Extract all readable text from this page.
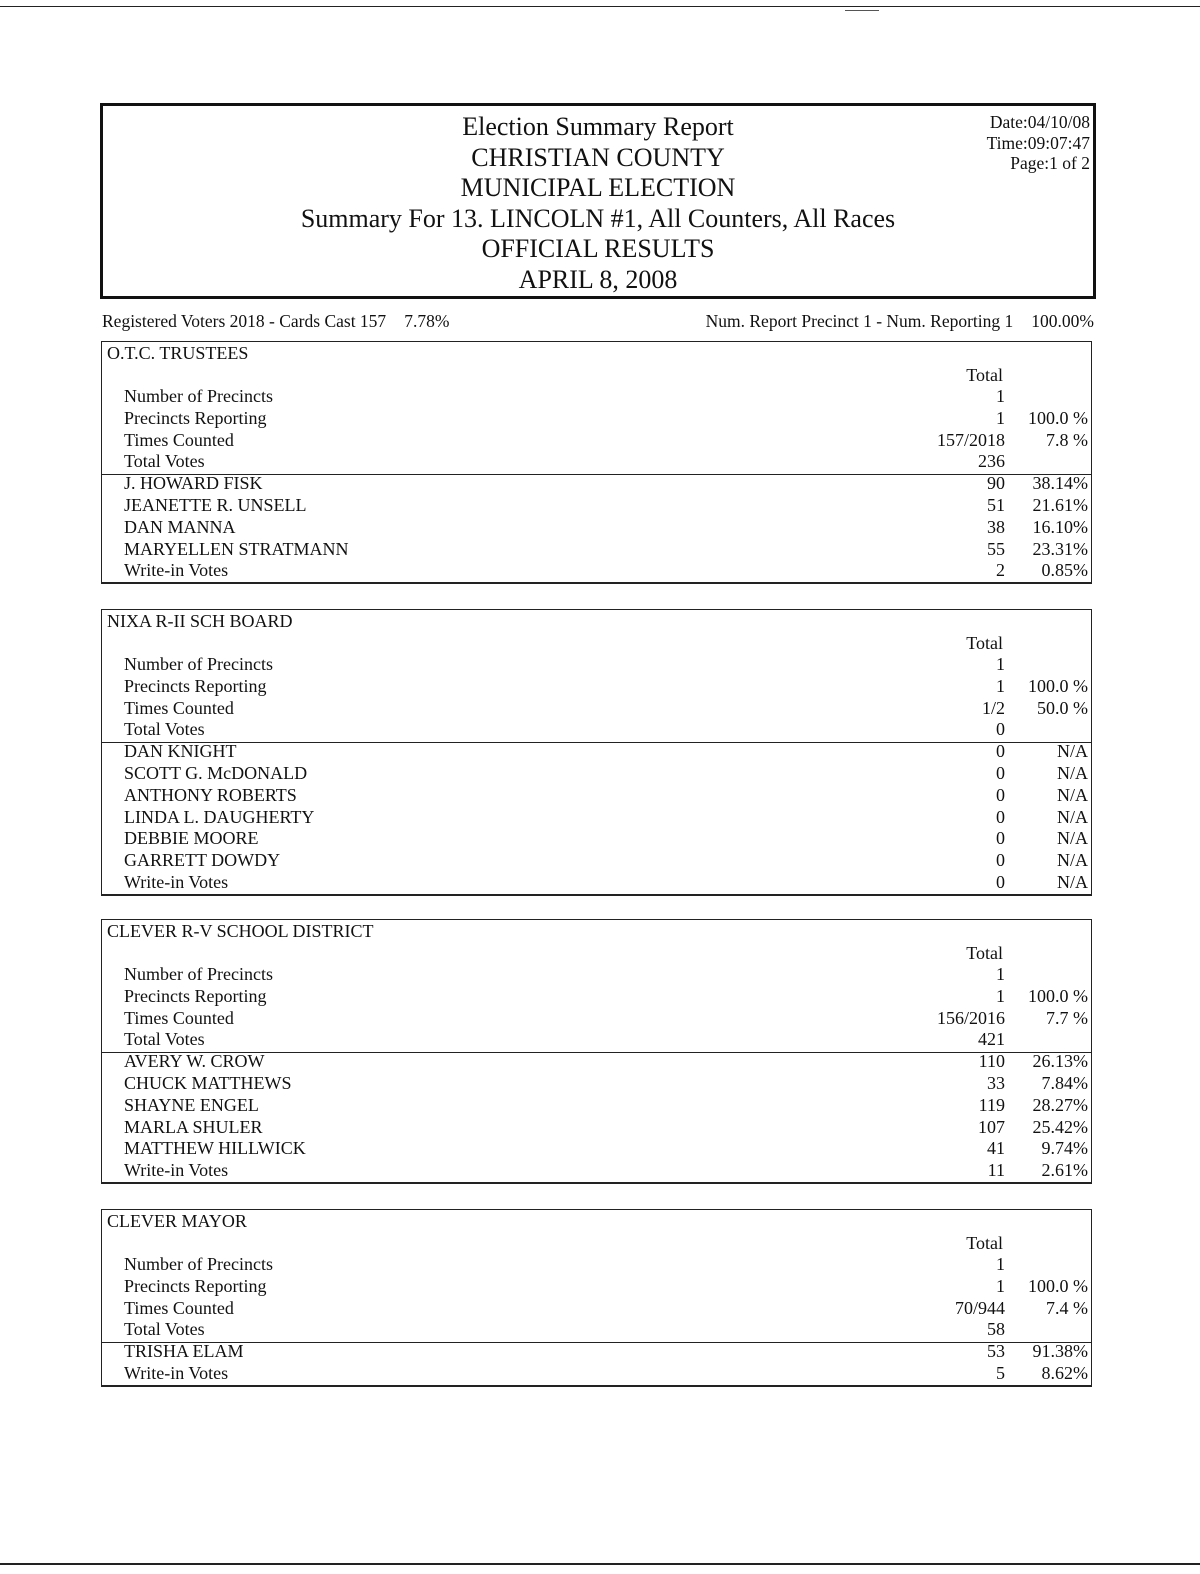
Election Summary Report
CHRISTIAN COUNTY
MUNICIPAL ELECTION
Summary For 13. LINCOLN #1, All Counters, All Races
OFFICIAL RESULTS
APRIL 8, 2008
Date:04/10/08
Time:09:07:47
Page:1 of 2
Registered Voters 2018 - Cards Cast 157 7.78%	Num. Report Precinct 1 - Num. Reporting 1 100.00%
O.T.C. TRUSTEES
Total
Number of Precincts	1
Precincts Reporting	1 100.0 %
Times Counted	157/2018 7.8 %
Total Votes	236
J. HOWARD FISK	90 38.14%
JEANETTE R. UNSELL	51 21.61%
DAN MANNA	38 16.10%
MARYELLEN STRATMANN	55 23.31%
Write-in Votes	2 0.85%
NIXA R-II SCH BOARD
Total
Number of Precincts	1
Precincts Reporting	1 100.0 %
Times Counted	1/2 50.0 %
Total Votes	0
DAN KNIGHT	0	N/A
SCOTT G. McDONALD	0	N/A
ANTHONY ROBERTS	0	N/A
LINDA L. DAUGHERTY	0	N/A
DEBBIE MOORE	0	N/A
GARRETT DOWDY	0	N/A
Write-in Votes	0	N/A
CLEVER R-V SCHOOL DISTRICT
Total
Number of Precincts	1
Precincts Reporting	1 100.0 %
Times Counted	156/2016 7.7 %
Total Votes	421
AVERY W. CROW	110 26.13%
CHUCK MATTHEWS	33 7.84%
SHAYNE ENGEL	119 28.27%
MARLA SHULER	107 25.42%
MATTHEW HILLWICK	41 9.74%
Write-in Votes	11 2.61%
CLEVER MAYOR
Total
Number of Precincts	1
Precincts Reporting	1 100.0 %
Times Counted	70/944 7.4 %
Total Votes	58
TRISHA ELAM	53 91.38%
Write-in Votes	5 8.62%
